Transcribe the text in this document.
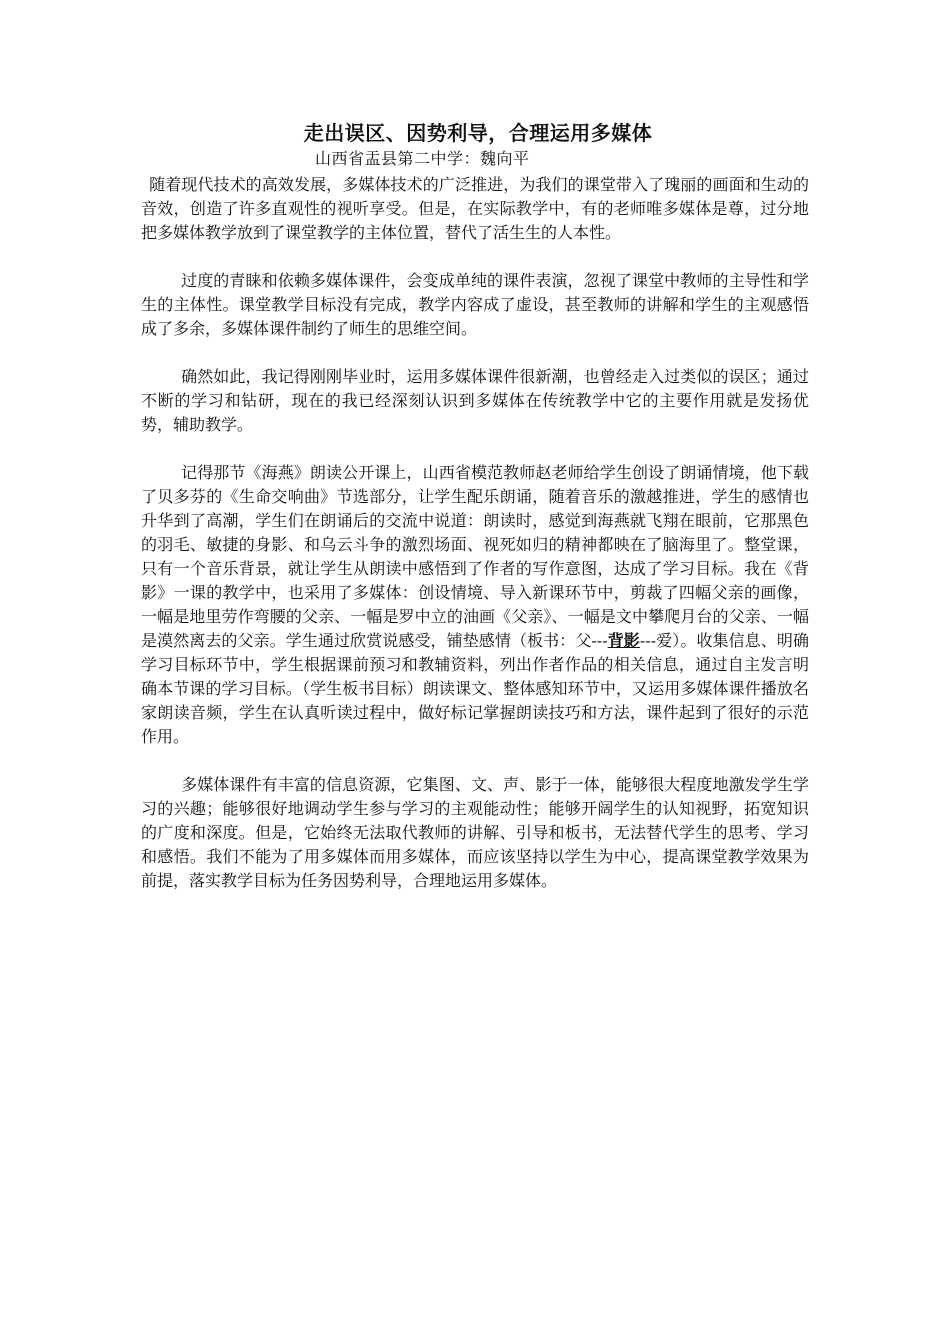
走出误区、因势利导，合理运用多媒体
山西省盂县第二中学：魏向平

随着现代技术的高效发展，多媒体技术的广泛推进，为我们的课堂带入了瑰丽的画面和生动的音效，创造了许多直观性的视听享受。但是，在实际教学中，有的老师唯多媒体是尊，过分地把多媒体教学放到了课堂教学的主体位置，替代了活生生的人本性。

过度的青睐和依赖多媒体课件，会变成单纯的课件表演，忽视了课堂中教师的主导性和学生的主体性。课堂教学目标没有完成，教学内容成了虚设，甚至教师的讲解和学生的主观感悟成了多余，多媒体课件制约了师生的思维空间。

确然如此，我记得刚刚毕业时，运用多媒体课件很新潮，也曾经走入过类似的误区；通过不断的学习和钻研，现在的我已经深刻认识到多媒体在传统教学中它的主要作用就是发扬优势，辅助教学。

记得那节《海燕》朗读公开课上，山西省模范教师赵老师给学生创设了朗诵情境，他下载了贝多芬的《生命交响曲》节选部分，让学生配乐朗诵，随着音乐的激越推进，学生的感情也升华到了高潮，学生们在朗诵后的交流中说道：朗读时，感觉到海燕就飞翔在眼前，它那黑色的羽毛、敏捷的身影、和乌云斗争的激烈场面、视死如归的精神都映在了脑海里了。整堂课，只有一个音乐背景，就让学生从朗读中感悟到了作者的写作意图，达成了学习目标。我在《背影》一课的教学中，也采用了多媒体：创设情境、导入新课环节中，剪裁了四幅父亲的画像，一幅是地里劳作弯腰的父亲、一幅是罗中立的油画《父亲》、一幅是文中攀爬月台的父亲、一幅是漠然离去的父亲。学生通过欣赏说感受，铺垫感情（板书：父---背影---爱）。收集信息、明确学习目标环节中，学生根据课前预习和教辅资料，列出作者作品的相关信息，通过自主发言明确本节课的学习目标。（学生板书目标）朗读课文、整体感知环节中，又运用多媒体课件播放名家朗读音频，学生在认真听读过程中，做好标记掌握朗读技巧和方法，课件起到了很好的示范作用。

多媒体课件有丰富的信息资源，它集图、文、声、影于一体，能够很大程度地激发学生学习的兴趣；能够很好地调动学生参与学习的主观能动性；能够开阔学生的认知视野，拓宽知识的广度和深度。但是，它始终无法取代教师的讲解、引导和板书，无法替代学生的思考、学习和感悟。我们不能为了用多媒体而用多媒体，而应该坚持以学生为中心，提高课堂教学效果为前提，落实教学目标为任务因势利导，合理地运用多媒体。
